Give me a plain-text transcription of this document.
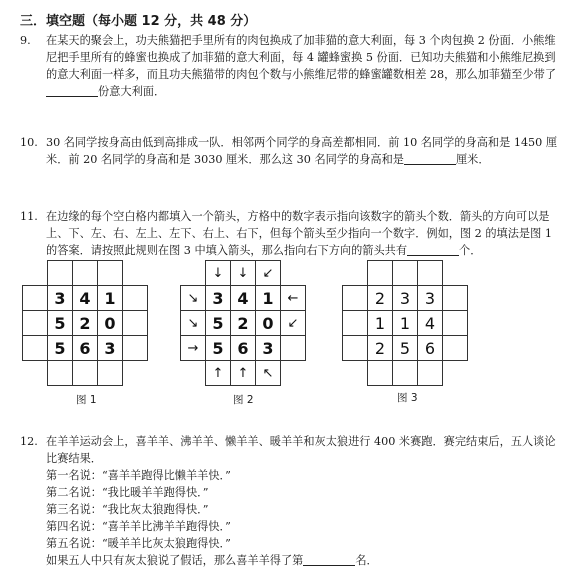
三．填空题（每小题 12 分，共 48 分）
9.	在某天的聚会上，功夫熊猫把手里所有的肉包换成了加菲猫的意大利面，每 3 个肉包换 2 份面．小熊维尼把手里所有的蜂蜜也换成了加菲猫的意大利面，每 4 罐蜂蜜换 5 份面．已知功夫熊猫和小熊维尼换到的意大利面一样多，而且功夫熊猫带的肉包个数与小熊维尼带的蜂蜜罐数相差 28，那么加菲猫至少带了份意大利面．
10. 30 名同学按身高由低到高排成一队．相邻两个同学的身高差都相同．前 10 名同学的身高和是 1450 厘米．前 20 名同学的身高和是 3030 厘米．那么这 30 名同学的身高和是	厘米．
11. 在边缘的每个空白格内都填入一个箭头，方格中的数字表示指向该数字的箭头个数．箭头的方向可以是上、下、左、右、左上、左下、右上、右下，但每个箭头至少指向一个数字．例如，图 2 的填法是图 1 的答案．请按照此规则在图 3 中填入箭头，那么指向右下方向的箭头共有	个．

	3	4	1	
	5	2	0	
	5	6	3	

图 1
	↓	↓	↙	
↘	3	4	1	←
↘	5	2	0	↙
→	5	6	3	
	↑	↑	↖	
图 2

	2	3	3	
	1	1	4	
	2	5	6	

图 3
12. 在羊羊运动会上，喜羊羊、沸羊羊、懒羊羊、暖羊羊和灰太狼进行 400 米赛跑．赛完结束后，五人谈论比赛结果．
第一名说：“喜羊羊跑得比懒羊羊快．”
第二名说：“我比暖羊羊跑得快．”
第三名说：“我比灰太狼跑得快．”
第四名说：“喜羊羊比沸羊羊跑得快．”
第五名说：“暖羊羊比灰太狼跑得快．”
如果五人中只有灰太狼说了假话，那么喜羊羊得了第	名．
